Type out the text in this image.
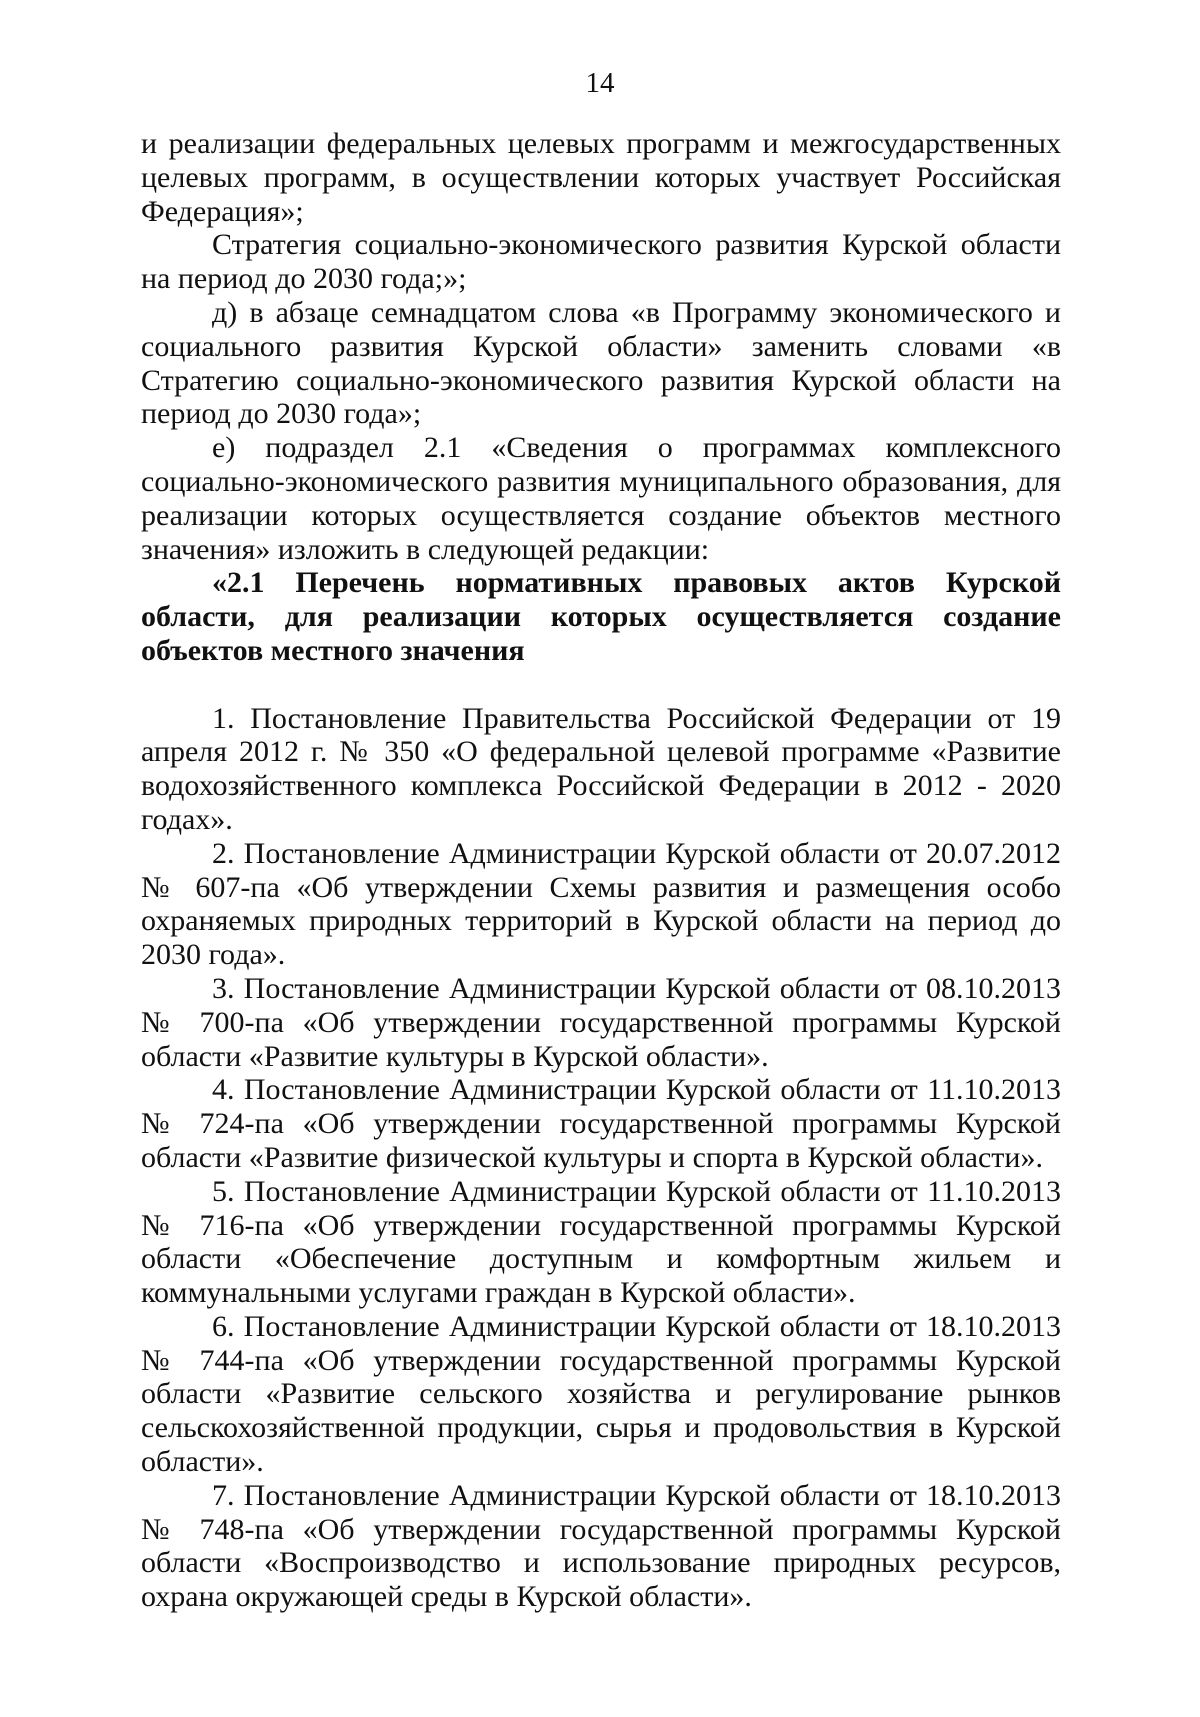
14

и реализации федеральных целевых программ и межгосударственных целевых программ, в осуществлении которых участвует Российская Федерация»;

Стратегия социально-экономического развития Курской области на период до 2030 года;»;

д) в абзаце семнадцатом слова «в Программу экономического и социального развития Курской области» заменить словами «в Стратегию социально-экономического развития Курской области на период до 2030 года»;

е) подраздел 2.1 «Сведения о программах комплексного социально-экономического развития муниципального образования, для реализации которых осуществляется создание объектов местного значения» изложить в следующей редакции:

«2.1 Перечень нормативных правовых актов Курской области, для реализации которых осуществляется создание объектов местного значения

1. Постановление Правительства Российской Федерации от 19 апреля 2012 г. № 350 «О федеральной целевой программе «Развитие водохозяйственного комплекса Российской Федерации в 2012 - 2020 годах».

2. Постановление Администрации Курской области от 20.07.2012 № 607-па «Об утверждении Схемы развития и размещения особо охраняемых природных территорий в Курской области на период до 2030 года».

3. Постановление Администрации Курской области от 08.10.2013 № 700-па «Об утверждении государственной программы Курской области «Развитие культуры в Курской области».

4. Постановление Администрации Курской области от 11.10.2013 № 724-па «Об утверждении государственной программы Курской области «Развитие физической культуры и спорта в Курской области».

5. Постановление Администрации Курской области от 11.10.2013 № 716-па «Об утверждении государственной программы Курской области «Обеспечение доступным и комфортным жильем и коммунальными услугами граждан в Курской области».

6. Постановление Администрации Курской области от 18.10.2013 № 744-па «Об утверждении государственной программы Курской области «Развитие сельского хозяйства и регулирование рынков сельскохозяйственной продукции, сырья и продовольствия в Курской области».

7. Постановление Администрации Курской области от 18.10.2013 № 748-па «Об утверждении государственной программы Курской области «Воспроизводство и использование природных ресурсов, охрана окружающей среды в Курской области».
